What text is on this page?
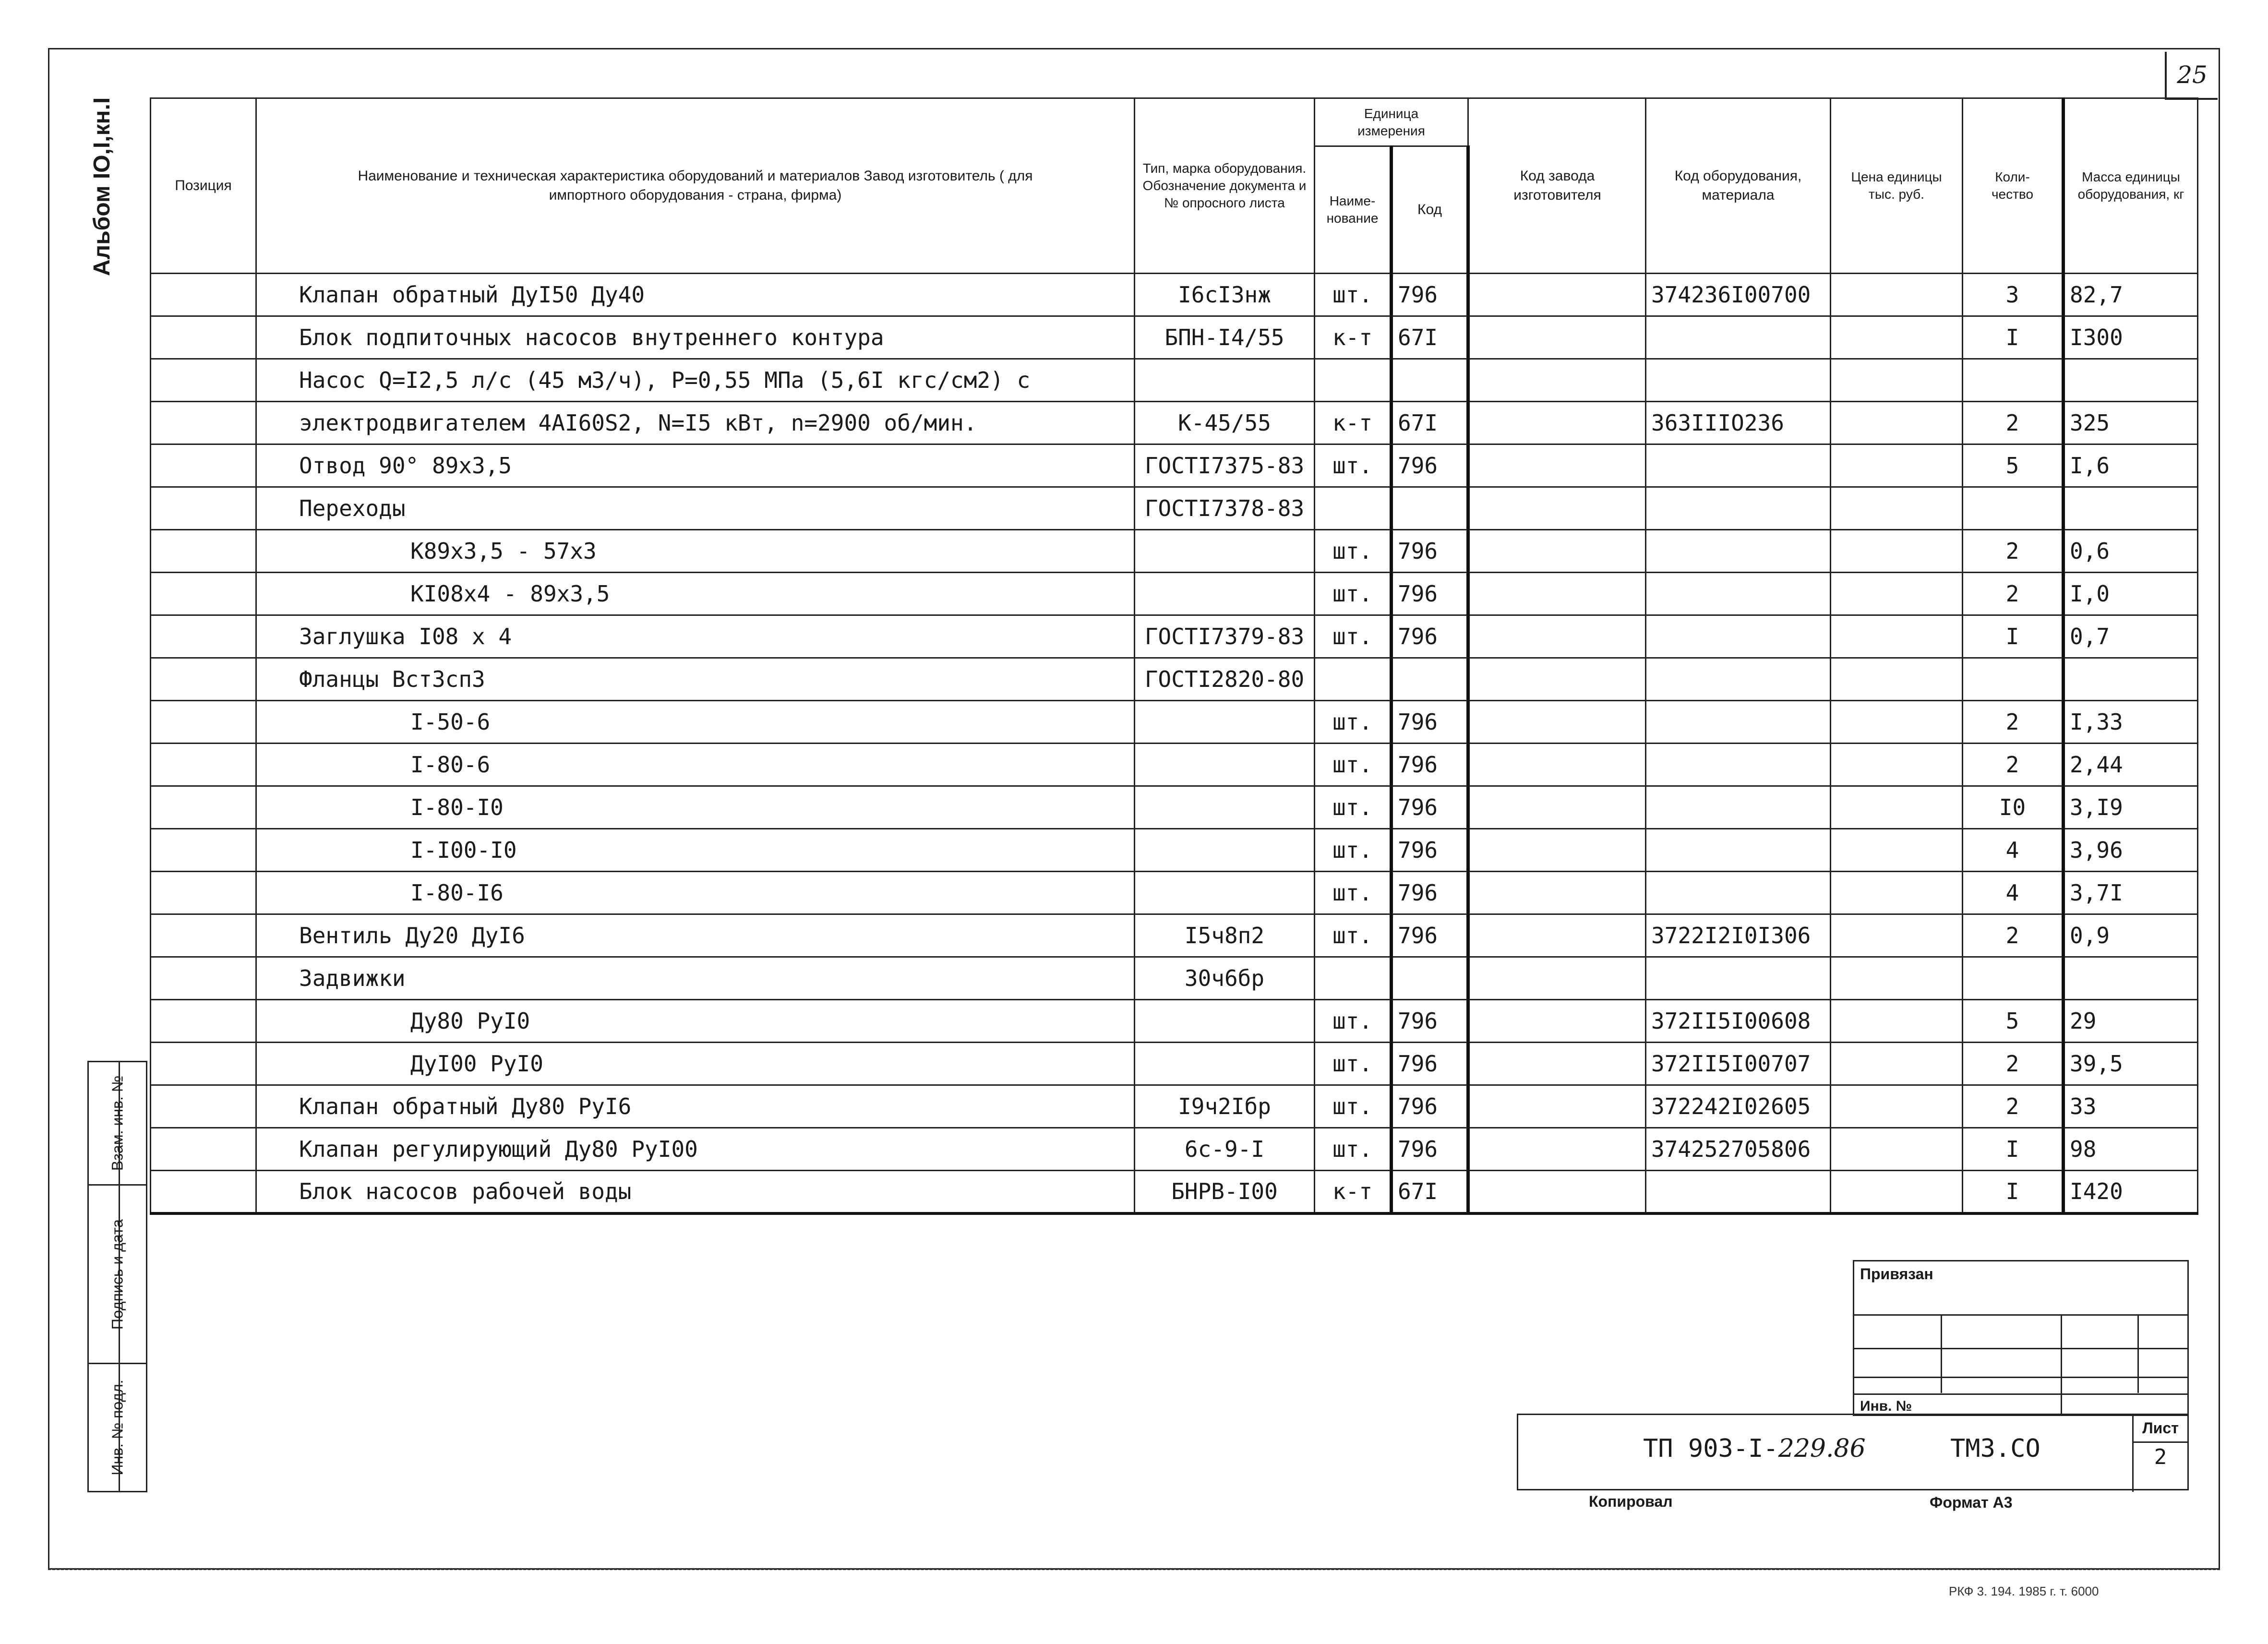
25
Альбом IO,I,кн.I	Позиция	Наименование и техническая характеристика оборудований и материалов Завод изготовитель ( для импортного оборудования - страна, фирма)	Тип, марка оборудования. Обозначение документа и № опросного листа	Единица измерения		Код завода изготовителя	Код оборудования, материала	Цена единицы тыс. руб.	Коли-чество	Масса единицы оборудования, кг
			Наиме-нование	Код					
	Клапан обратный ДуI50 Ду40	I6cI3нж	шт.	796		374236I00700		3	82,7
	Блок подпиточных насосов внутреннего контура	БПН-I4/55	к-т	67I				I	I300
	Насос Q=I2,5 л/с (45 м3/ч), Р=0,55 МПа (5,6I кгс/см2) с								
	электродвигателем 4AI60S2, N=I5 кВт, n=2900 об/мин.	К-45/55	к-т	67I		363IIIO236		2	325
	Отвод 90° 89х3,5	ГОСТI7375-83	шт.	796				5	I,6
	Переходы	ГОСТI7378-83							
	К89х3,5 - 57х3		шт.	796				2	0,6
	КI08х4 - 89х3,5		шт.	796				2	I,0
	Заглушка I08 х 4	ГОСТI7379-83	шт.	796				I	0,7
	Фланцы ВстЗсп3	ГОСТI2820-80							
	I-50-6		шт.	796				2	I,33
	I-80-6		шт.	796				2	2,44
	I-80-I0		шт.	796				I0	3,I9
	I-I00-I0		шт.	796				4	3,96
	I-80-I6		шт.	796				4	3,7I
	Вентиль Ду20 ДуI6	I5ч8п2	шт.	796		3722I2I0I306		2	0,9
	Задвижки	30ч6бр							
	Ду80 РуI0		шт.	796		372II5I00608		5	29
	ДуI00 РуI0		шт.	796		372II5I00707		2	39,5
	Клапан обратный Ду80 РуI6	I9ч2Iбр	шт.	796		372242I02605		2	33
	Клапан регулирующий Ду80 РуI00	6с-9-I	шт.	796		374252705806		I	98
	Блок насосов рабочей воды	БНРВ-I00	к-т	67I				I	I420
Взам. инв. №
Подпись и дата
Инв. № подл.
Привязан
Инв. №
ТП 903-I-229.86	ТМЗ.СО
Лист
2
Копировал	Формат А3
РКФ 3. 194. 1985 г. т. 6000
